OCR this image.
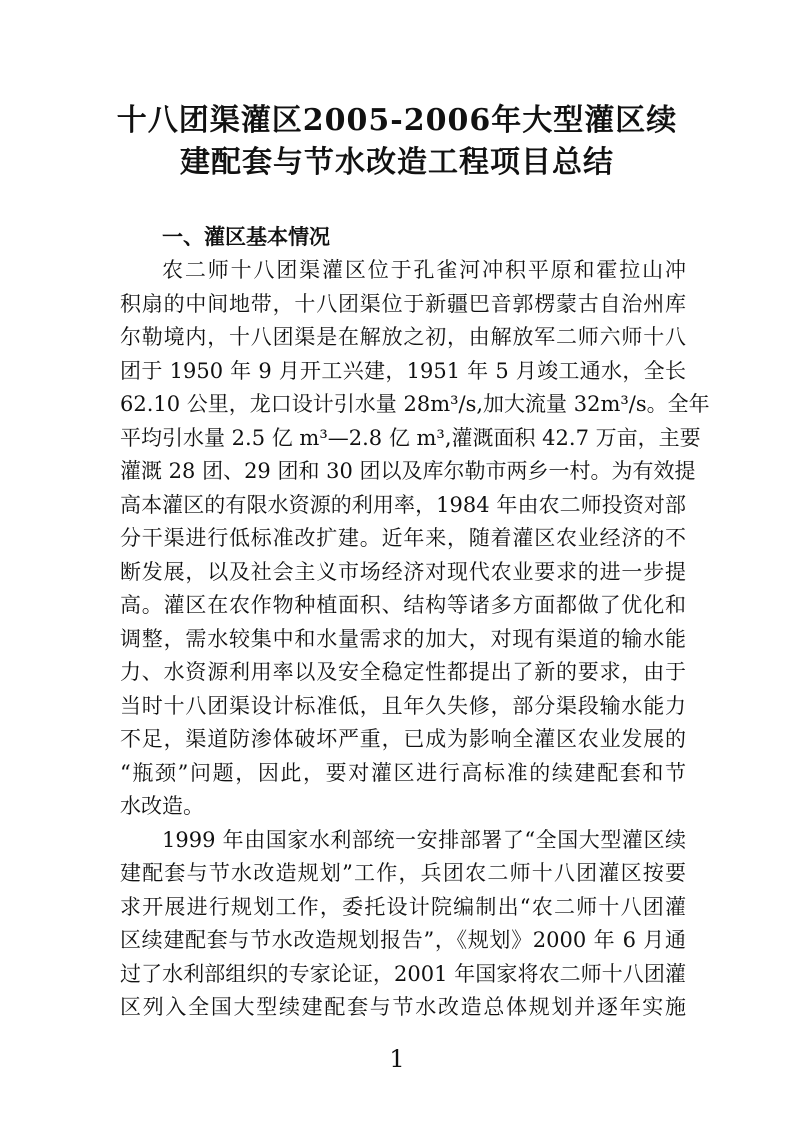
十八团渠灌区2005-2006年大型灌区续
建配套与节水改造工程项目总结
一、灌区基本情况
农二师十八团渠灌区位于孔雀河冲积平原和霍拉山冲
积扇的中间地带，十八团渠位于新疆巴音郭楞蒙古自治州库
尔勒境内，十八团渠是在解放之初，由解放军二师六师十八
团于 1950 年 9 月开工兴建，1951 年 5 月竣工通水，全长
62.10 公里，龙口设计引水量 28m³/s,加大流量 32m³/s。全年
平均引水量 2.5 亿 m³—2.8 亿 m³,灌溉面积 42.7 万亩，主要
灌溉 28 团、29 团和 30 团以及库尔勒市两乡一村。为有效提
高本灌区的有限水资源的利用率，1984 年由农二师投资对部
分干渠进行低标准改扩建。近年来，随着灌区农业经济的不
断发展，以及社会主义市场经济对现代农业要求的进一步提
高。灌区在农作物种植面积、结构等诸多方面都做了优化和
调整，需水较集中和水量需求的加大，对现有渠道的输水能
力、水资源利用率以及安全稳定性都提出了新的要求，由于
当时十八团渠设计标准低，且年久失修，部分渠段输水能力
不足，渠道防渗体破坏严重，已成为影响全灌区农业发展的
“瓶颈”问题，因此，要对灌区进行高标准的续建配套和节
水改造。
1999 年由国家水利部统一安排部署了“全国大型灌区续
建配套与节水改造规划”工作，兵团农二师十八团灌区按要
求开展进行规划工作，委托设计院编制出“农二师十八团灌
区续建配套与节水改造规划报告”，《规划》2000 年 6 月通
过了水利部组织的专家论证，2001 年国家将农二师十八团灌
区列入全国大型续建配套与节水改造总体规划并逐年实施
1
